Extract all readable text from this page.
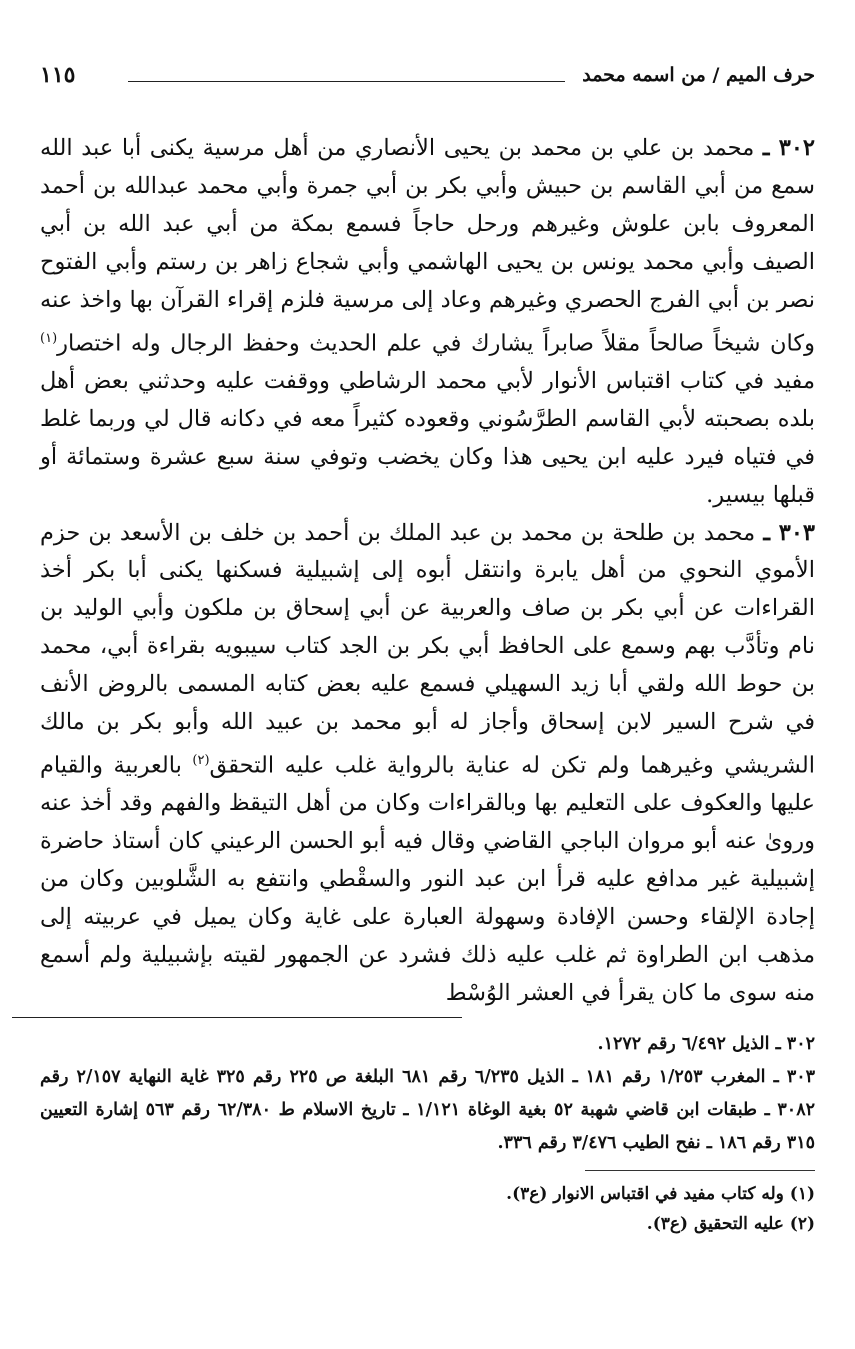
حرف الميم / من اسمه محمد
١١٥

٣٠٢ ـ محمد بن علي بن محمد بن يحيى الأنصاري من أهل مرسية يكنى أبا عبد الله سمع من أبي القاسم بن حبيش وأبي بكر بن أبي جمرة وأبي محمد عبدالله بن أحمد المعروف بابن علوش وغيرهم ورحل حاجاً فسمع بمكة من أبي عبد الله بن أبي الصيف وأبي محمد يونس بن يحيى الهاشمي وأبي شجاع زاهر بن رستم وأبي الفتوح نصر بن أبي الفرج الحصري وغيرهم وعاد إلى مرسية فلزم إقراء القرآن بها واخذ عنه وكان شيخاً صالحاً مقلاً صابراً يشارك في علم الحديث وحفظ الرجال وله اختصار$^{(١)}$ مفيد في كتاب اقتباس الأنوار لأبي محمد الرشاطي ووقفت عليه وحدثني بعض أهل بلده بصحبته لأبي القاسم الطرَّسُوني وقعوده كثيراً معه في دكانه قال لي وربما غلط في فتياه فيرد عليه ابن يحيى هذا وكان يخضب وتوفي سنة سبع عشرة وستمائة أو قبلها بيسير.

٣٠٣ ـ محمد بن طلحة بن محمد بن عبد الملك بن أحمد بن خلف بن الأسعد بن حزم الأموي النحوي من أهل يابرة وانتقل أبوه إلى إشبيلية فسكنها يكنى أبا بكر أخذ القراءات عن أبي بكر بن صاف والعربية عن أبي إسحاق بن ملكون وأبي الوليد بن نام وتأدَّب بهم وسمع على الحافظ أبي بكر بن الجد كتاب سيبويه بقراءة أبي، محمد بن حوط الله ولقي أبا زيد السهيلي فسمع عليه بعض كتابه المسمى بالروض الأنف في شرح السير لابن إسحاق وأجاز له أبو محمد بن عبيد الله وأبو بكر بن مالك الشريشي وغيرهما ولم تكن له عناية بالرواية غلب عليه التحقق$^{(٢)}$ بالعربية والقيام عليها والعكوف على التعليم بها وبالقراءات وكان من أهل التيقظ والفهم وقد أخذ عنه وروىٰ عنه أبو مروان الباجي القاضي وقال فيه أبو الحسن الرعيني كان أستاذ حاضرة إشبيلية غير مدافع عليه قرأ ابن عبد النور والسقْطي وانتفع به الشَّلوبين وكان من إجادة الإلقاء وحسن الإفادة وسهولة العبارة على غاية وكان يميل في عربيته إلى مذهب ابن الطراوة ثم غلب عليه ذلك فشرد عن الجمهور لقيته بإشبيلية ولم أسمع منه سوى ما كان يقرأ في العشر الوُسْط

٣٠٢ ـ الذيل ٦/٤٩٢ رقم ١٢٧٢.

٣٠٣ ـ المغرب ١/٢٥٣ رقم ١٨١ ـ الذيل ٦/٢٣٥ رقم ٦٨١ البلغة ص ٢٢٥ رقم ٣٢٥ غاية النهاية ٢/١٥٧ رقم ٣٠٨٢ ـ طبقات ابن قاضي شهبة ٥٢ بغية الوغاة ١/١٢١ ـ تاريخ الاسلام ط ٦٢/٣٨٠ رقم ٥٦٣ إشارة التعيين ٣١٥ رقم ١٨٦ ـ نفح الطيب ٣/٤٧٦ رقم ٣٣٦.

(١) وله كتاب مفيد في اقتباس الانوار (ع٣).

(٢) عليه التحقيق (ع٣).
